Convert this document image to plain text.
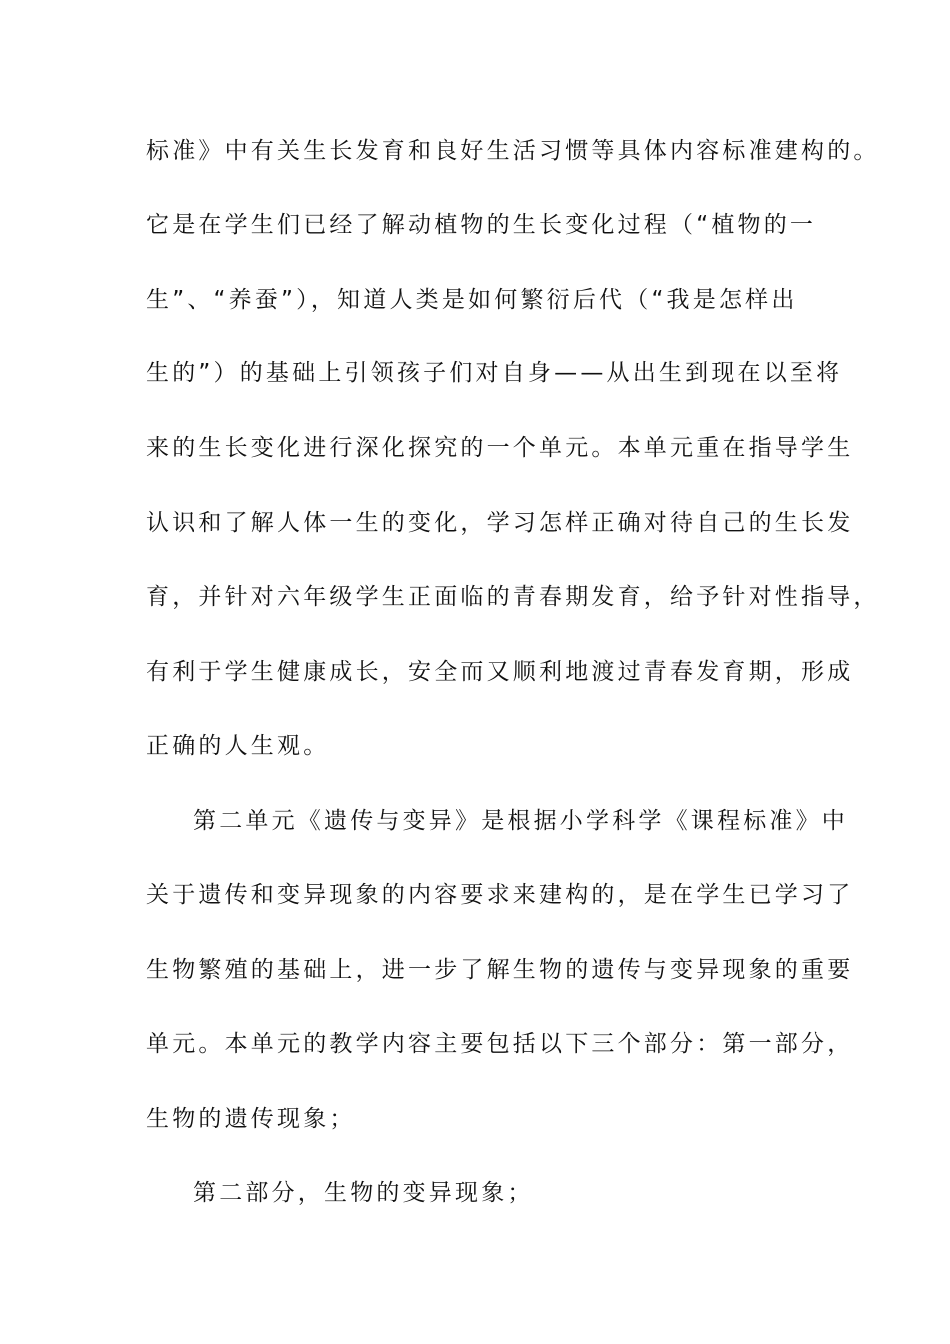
标准》中有关生长发育和良好生活习惯等具体内容标准建构的。
它是在学生们已经了解动植物的生长变化过程（“植物的一
生”、“养蚕”），知道人类是如何繁衍后代（“我是怎样出
生的”）的基础上引领孩子们对自身——从出生到现在以至将
来的生长变化进行深化探究的一个单元。本单元重在指导学生
认识和了解人体一生的变化，学习怎样正确对待自己的生长发
育，并针对六年级学生正面临的青春期发育，给予针对性指导，
有利于学生健康成长，安全而又顺利地渡过青春发育期，形成
正确的人生观。
第二单元《遗传与变异》是根据小学科学《课程标准》中
关于遗传和变异现象的内容要求来建构的，是在学生已学习了
生物繁殖的基础上，进一步了解生物的遗传与变异现象的重要
单元。本单元的教学内容主要包括以下三个部分：第一部分，
生物的遗传现象；
第二部分，生物的变异现象；
